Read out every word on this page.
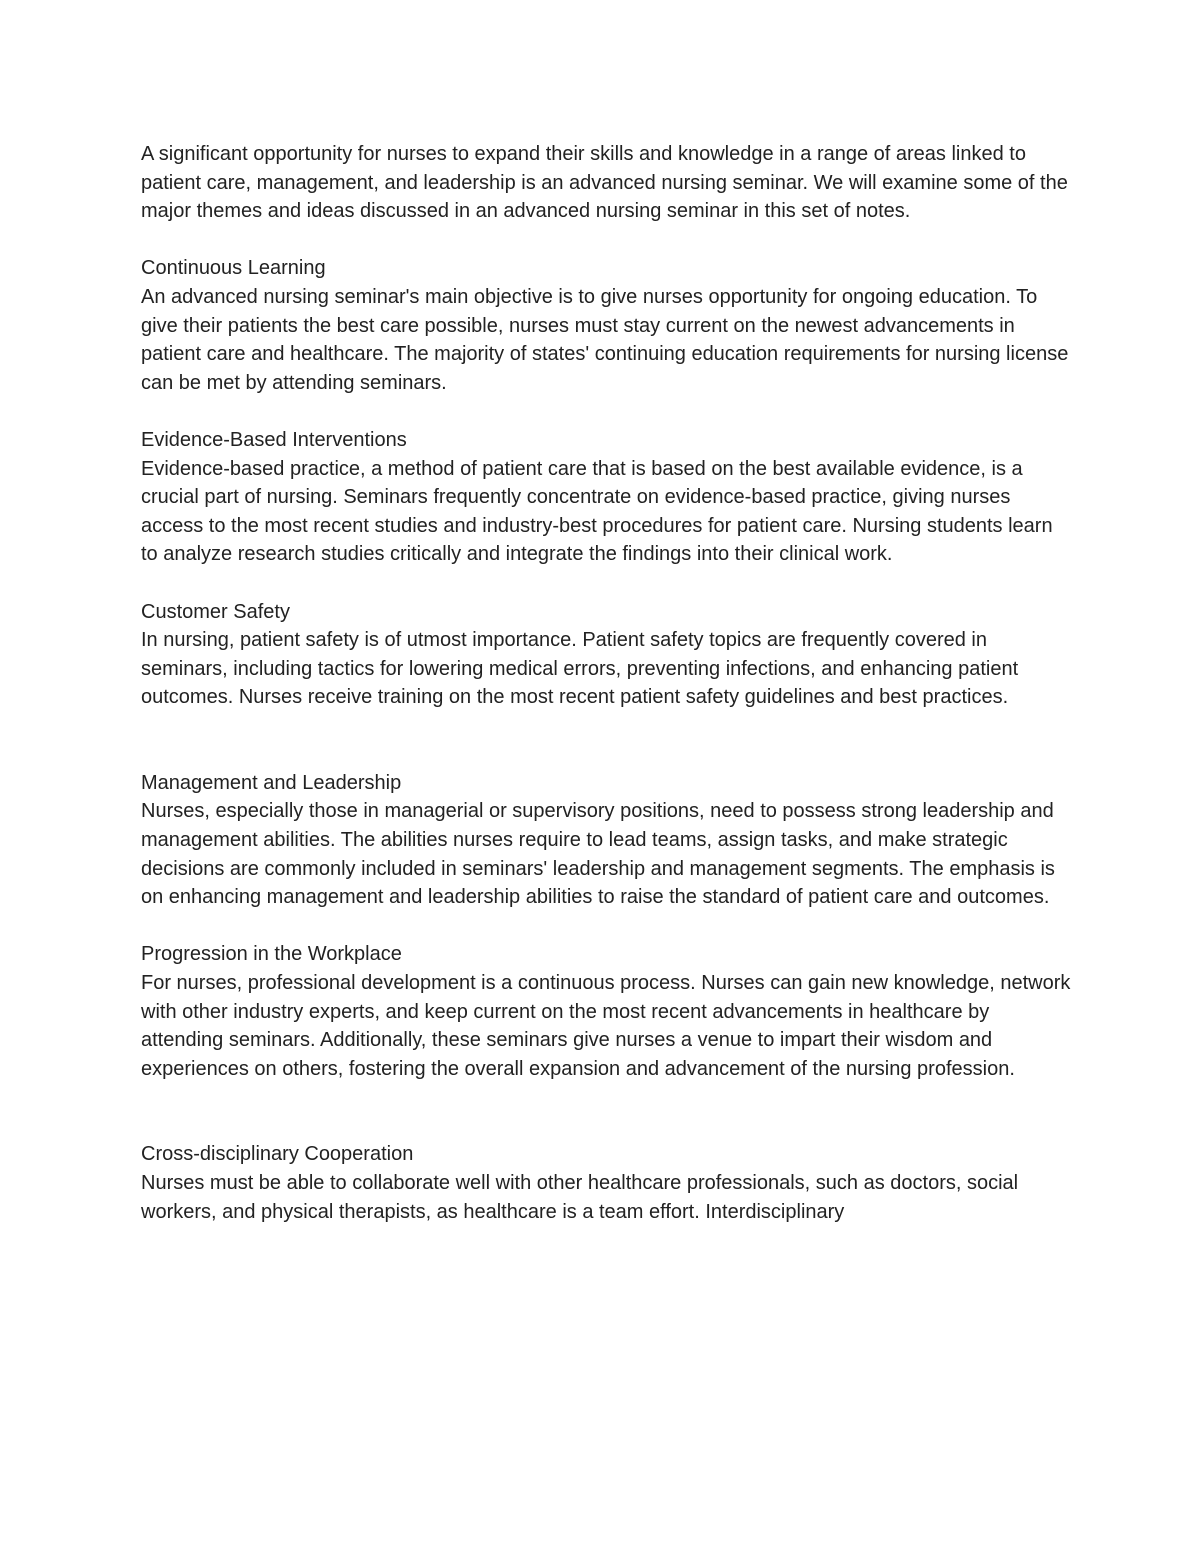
A significant opportunity for nurses to expand their skills and knowledge in a range of areas linked to patient care, management, and leadership is an advanced nursing seminar. We will examine some of the major themes and ideas discussed in an advanced nursing seminar in this set of notes.

Continuous Learning

An advanced nursing seminar's main objective is to give nurses opportunity for ongoing education. To give their patients the best care possible, nurses must stay current on the newest advancements in patient care and healthcare. The majority of states' continuing education requirements for nursing license can be met by attending seminars.

Evidence-Based Interventions

Evidence-based practice, a method of patient care that is based on the best available evidence, is a crucial part of nursing. Seminars frequently concentrate on evidence-based practice, giving nurses access to the most recent studies and industry-best procedures for patient care. Nursing students learn to analyze research studies critically and integrate the findings into their clinical work.

Customer Safety

In nursing, patient safety is of utmost importance. Patient safety topics are frequently covered in seminars, including tactics for lowering medical errors, preventing infections, and enhancing patient outcomes. Nurses receive training on the most recent patient safety guidelines and best practices.

Management and Leadership

Nurses, especially those in managerial or supervisory positions, need to possess strong leadership and management abilities. The abilities nurses require to lead teams, assign tasks, and make strategic decisions are commonly included in seminars' leadership and management segments. The emphasis is on enhancing management and leadership abilities to raise the standard of patient care and outcomes.

Progression in the Workplace

For nurses, professional development is a continuous process. Nurses can gain new knowledge, network with other industry experts, and keep current on the most recent advancements in healthcare by attending seminars. Additionally, these seminars give nurses a venue to impart their wisdom and experiences on others, fostering the overall expansion and advancement of the nursing profession.

Cross-disciplinary Cooperation

Nurses must be able to collaborate well with other healthcare professionals, such as doctors, social workers, and physical therapists, as healthcare is a team effort. Interdisciplinary
